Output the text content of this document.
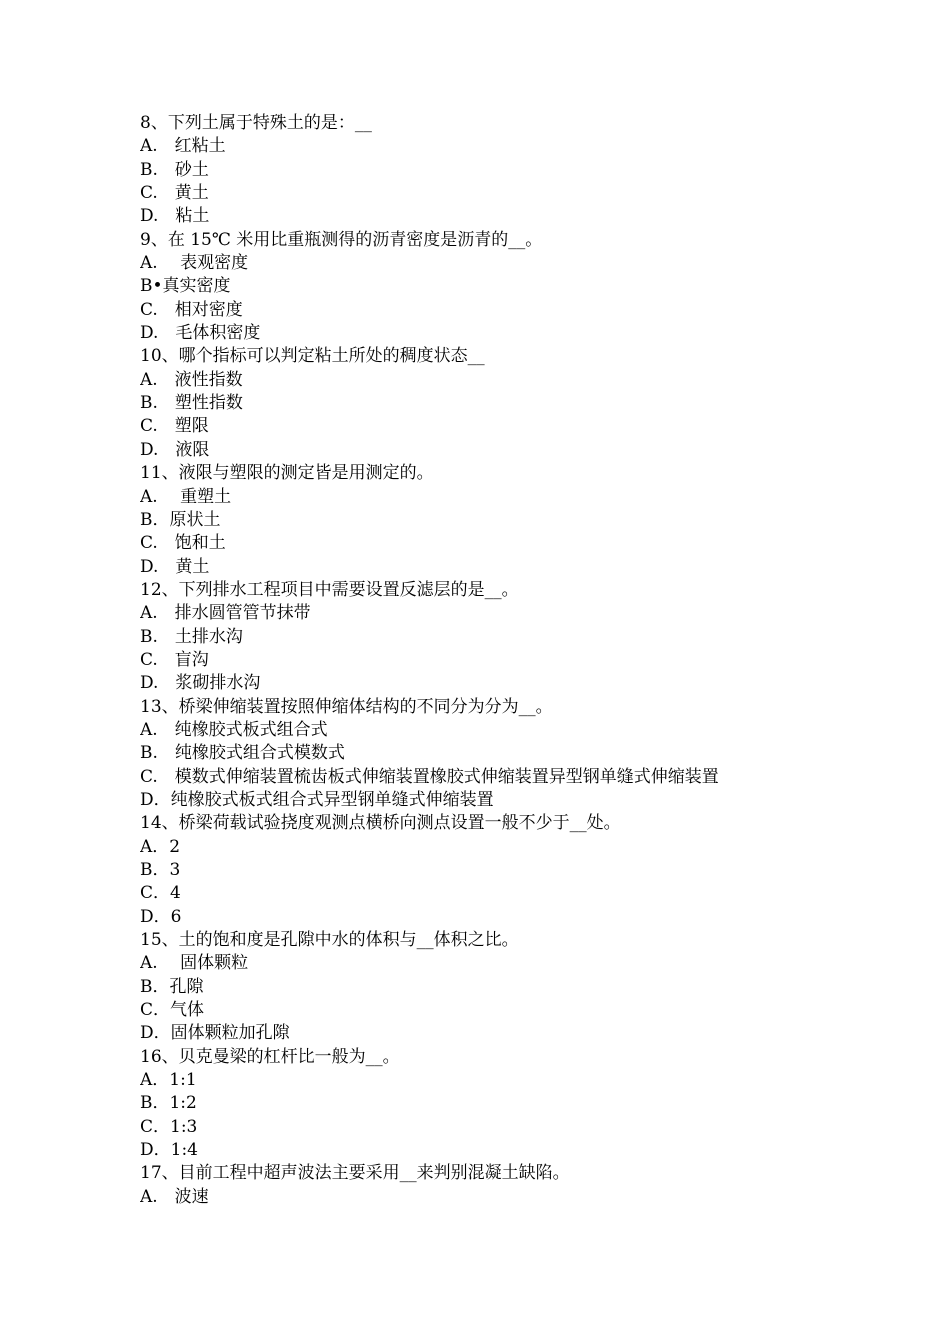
8、下列土属于特殊土的是：__
A.　红粘土
B.　砂土
C.　黄土
D.　粘土
9、在 15℃ 米用比重瓶测得的沥青密度是沥青的__。
A.　 表观密度
B•真实密度
C.　相对密度
D.　毛体积密度
10、哪个指标可以判定粘土所处的稠度状态__
A.　液性指数
B.　塑性指数
C.　塑限
D.　液限
11、液限与塑限的测定皆是用测定的。
A.　 重塑土
B．原状土
C.　饱和土
D.　黄土
12、下列排水工程项目中需要设置反滤层的是__。
A.　排水圆管管节抹带
B.　土排水沟
C.　盲沟
D.　浆砌排水沟
13、桥梁伸缩装置按照伸缩体结构的不同分为分为__。
A.　纯橡胶式板式组合式
B.　纯橡胶式组合式模数式
C.　模数式伸缩装置梳齿板式伸缩装置橡胶式伸缩装置异型钢单缝式伸缩装置
D．纯橡胶式板式组合式异型钢单缝式伸缩装置
14、桥梁荷载试验挠度观测点横桥向测点设置一般不少于__处。
A．2
B．3
C．4
D．6
15、土的饱和度是孔隙中水的体积与__体积之比。
A.　 固体颗粒
B．孔隙
C．气体
D．固体颗粒加孔隙
16、贝克曼梁的杠杆比一般为__。
A．1:1
B．1:2
C．1:3
D．1:4
17、目前工程中超声波法主要采用__来判别混凝土缺陷。
A.　波速
